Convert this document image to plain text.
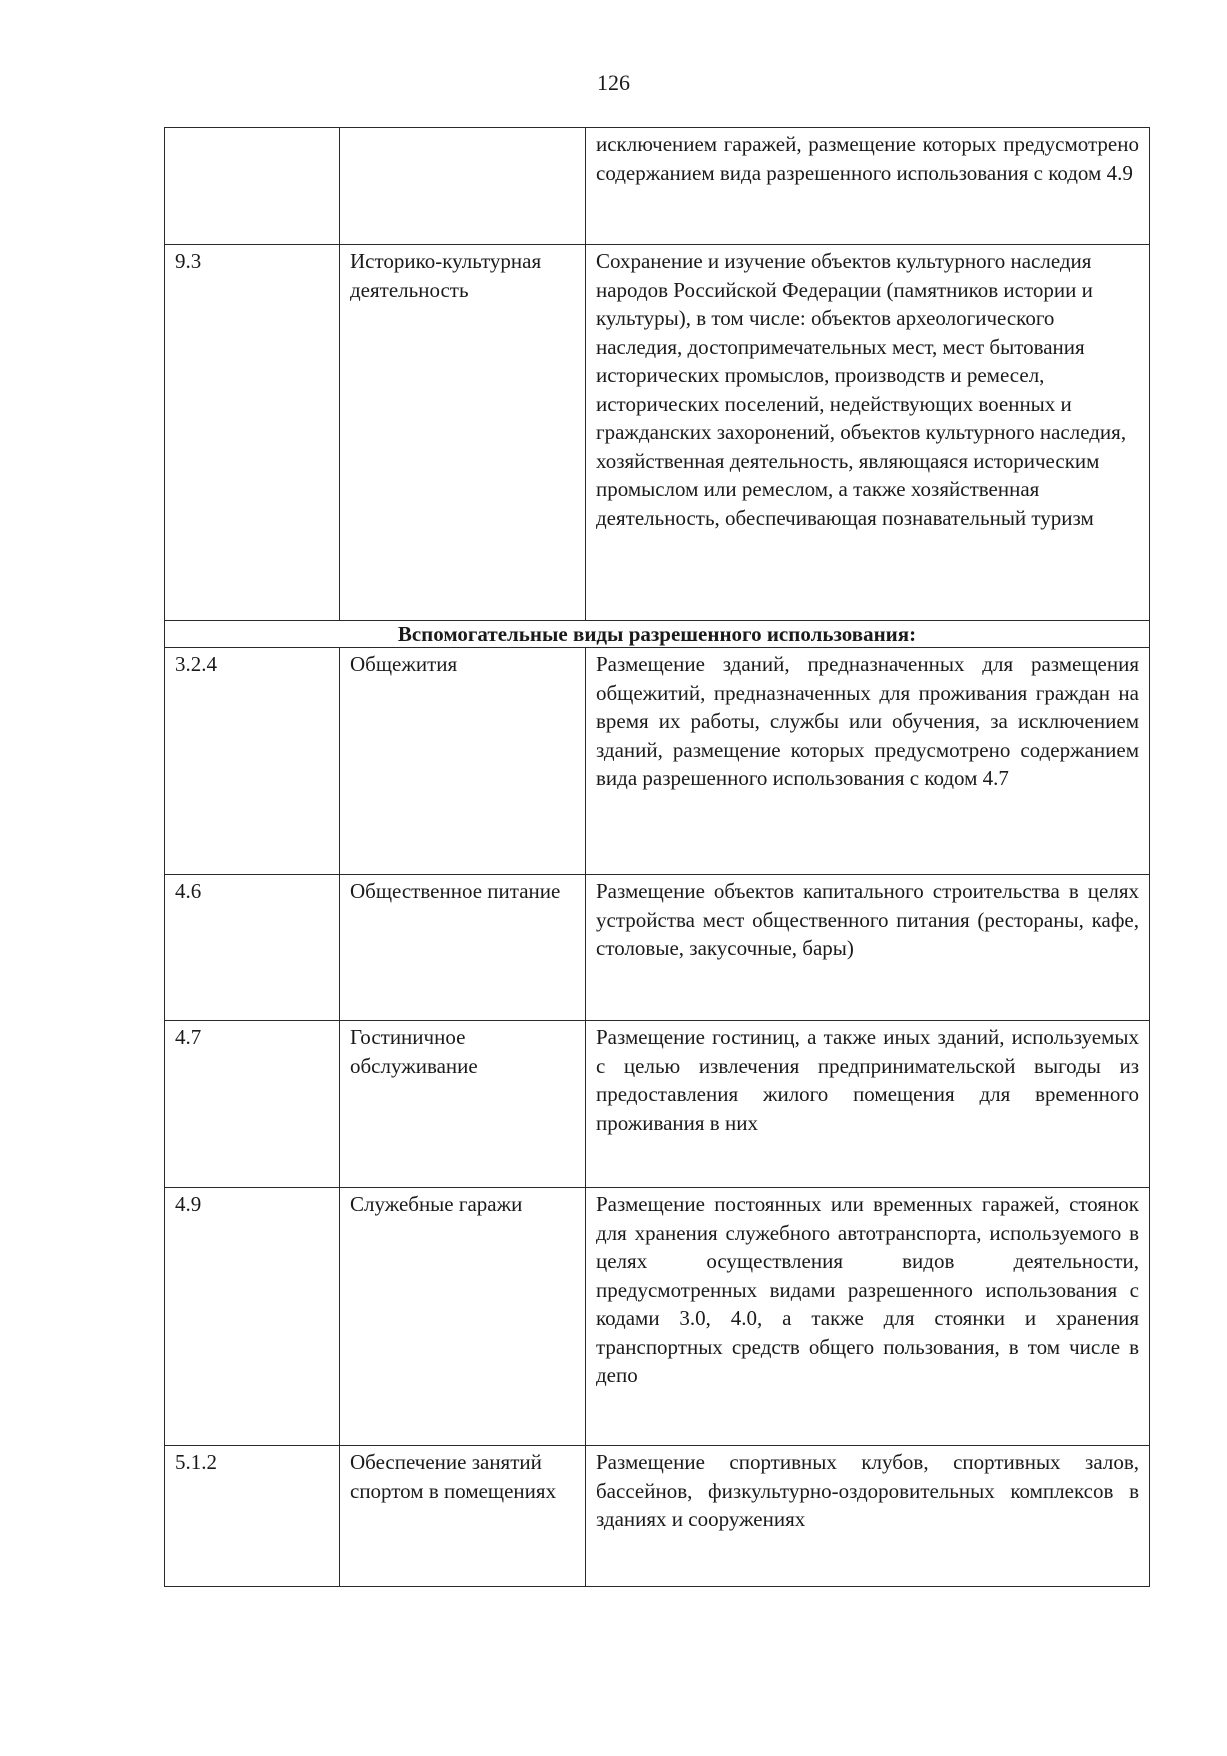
126
		исключением гаражей, размещение которых предусмотрено содержанием вида разрешенного использования с кодом 4.9
9.3	Историко-культурная деятельность	Сохранение и изучение объектов культурного наследия народов Российской Федерации (памятников истории и культуры), в том числе: объектов археологического наследия, достопримечательных мест, мест бытования исторических промыслов, производств и ремесел, исторических поселений, недействующих военных и гражданских захоронений, объектов культурного наследия, хозяйственная деятельность, являющаяся историческим промыслом или ремеслом, а также хозяйственная деятельность, обеспечивающая познавательный туризм
Вспомогательные виды разрешенного использования:		
3.2.4	Общежития	Размещение зданий, предназначенных для размещения общежитий, предназначенных для проживания граждан на время их работы, службы или обучения, за исключением зданий, размещение которых предусмотрено содержанием вида разрешенного использования с кодом 4.7
4.6	Общественное питание	Размещение объектов капитального строительства в целях устройства мест общественного питания (рестораны, кафе, столовые, закусочные, бары)
4.7	Гостиничное обслуживание	Размещение гостиниц, а также иных зданий, используемых с целью извлечения предпринимательской выгоды из предоставления жилого помещения для временного проживания в них
4.9	Служебные гаражи	Размещение постоянных или временных гаражей, стоянок для хранения служебного автотранспорта, используемого в целях осуществления видов деятельности, предусмотренных видами разрешенного использования с кодами 3.0, 4.0, а также для стоянки и хранения транспортных средств общего пользования, в том числе в депо
5.1.2	Обеспечение занятий спортом в помещениях	Размещение спортивных клубов, спортивных залов, бассейнов, физкультурно-оздоровительных комплексов в зданиях и сооружениях
